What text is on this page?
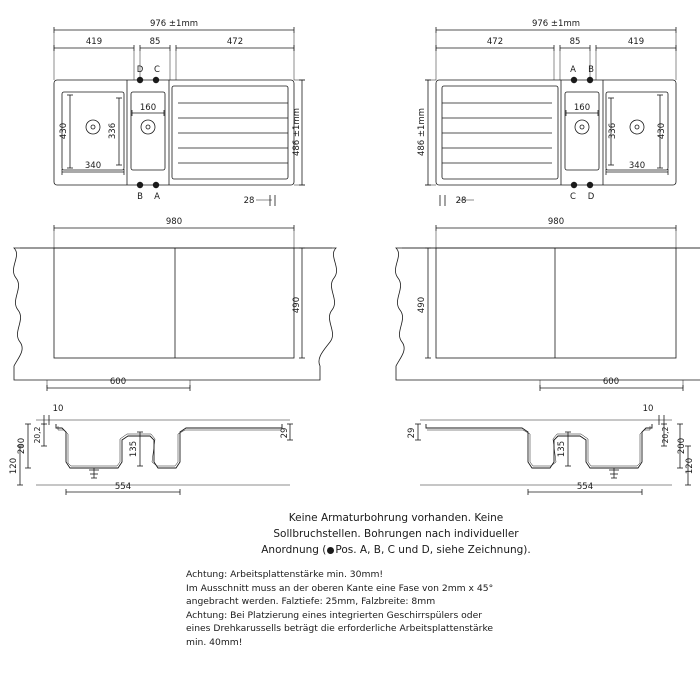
976 ±1mm
419	85	472
160
340
430	336	486 ±1mm
D C
B A	28
976 ±1mm
472	85	419
160
340
430
336
486 ±1mm
A B
C D
28
980
490
600
980
490
600
10
200
20,2
120
135
29
554
10
200
20,2
120
135
29
554
Keine Armaturbohrung vorhanden. Keine
Sollbruchstellen. Bohrungen nach individueller
Anordnung ( Pos. A, B, C und D, siehe Zeichnung).
Achtung: Arbeitsplattenstärke min. 30mm!
Im Ausschnitt muss an der oberen Kante eine Fase von 2mm x 45°
angebracht werden. Falztiefe: 25mm, Falzbreite: 8mm
Achtung: Bei Platzierung eines integrierten Geschirrspülers oder
eines Drehkarussells beträgt die erforderliche Arbeitsplattenstärke
min. 40mm!
